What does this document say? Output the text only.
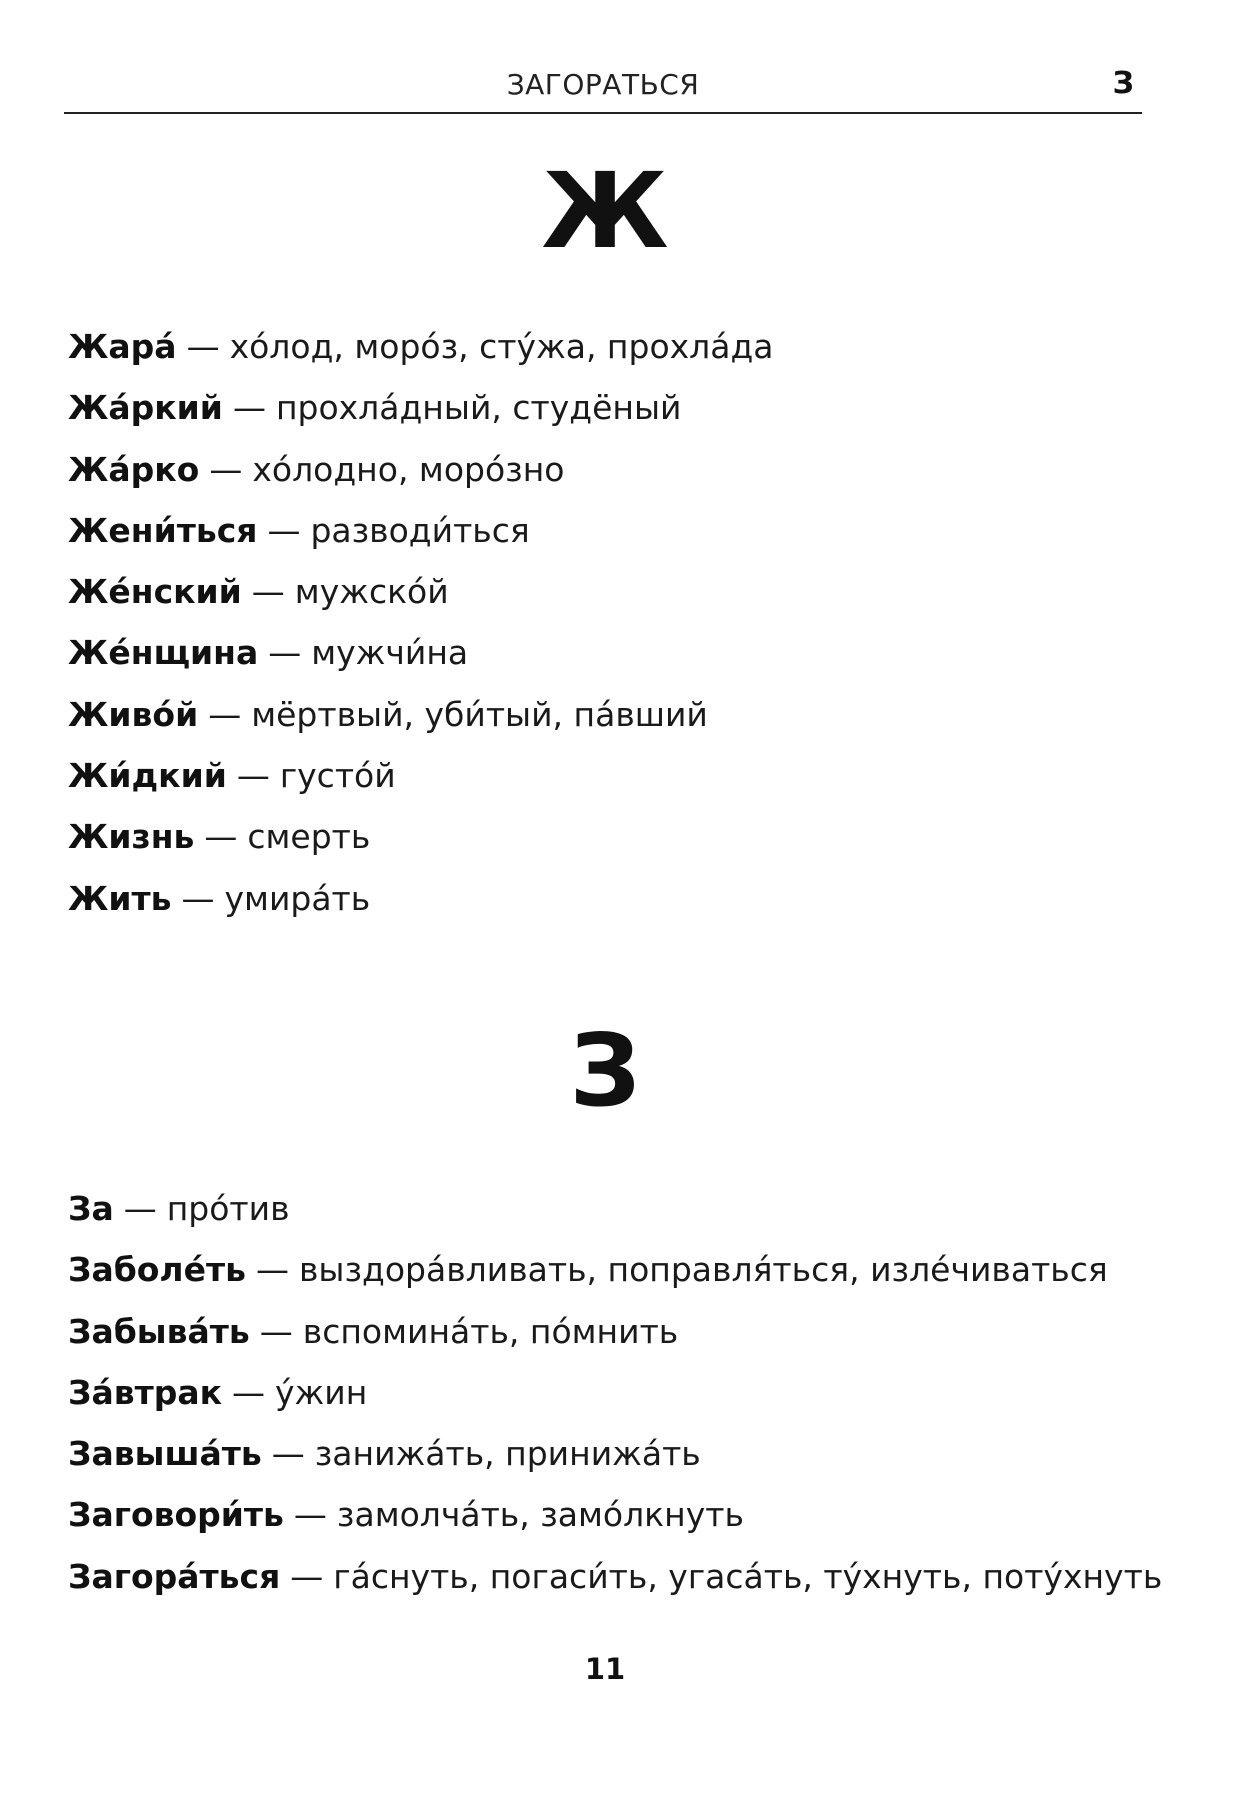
ЗАГОРАТЬСЯ	З
Ж
Жара́ — хо́лод, моро́з, сту́жа, прохла́да
Жа́ркий — прохла́дный, студёный
Жа́рко — хо́лодно, моро́зно
Жени́ться — разводи́ться
Же́нский — мужско́й
Же́нщина — мужчи́на
Живо́й — мёртвый, уби́тый, па́вший
Жи́дкий — густо́й
Жизнь — смерть
Жить — умира́ть
З
За — про́тив
Заболе́ть — выздора́вливать, поправля́ться, изле́чиваться
Забыва́ть — вспомина́ть, по́мнить
За́втрак — у́жин
Завыша́ть — занижа́ть, принижа́ть
Заговори́ть — замолча́ть, замо́лкнуть
Загора́ться — га́снуть, погаси́ть, угаса́ть, ту́хнуть, поту́хнуть
11
